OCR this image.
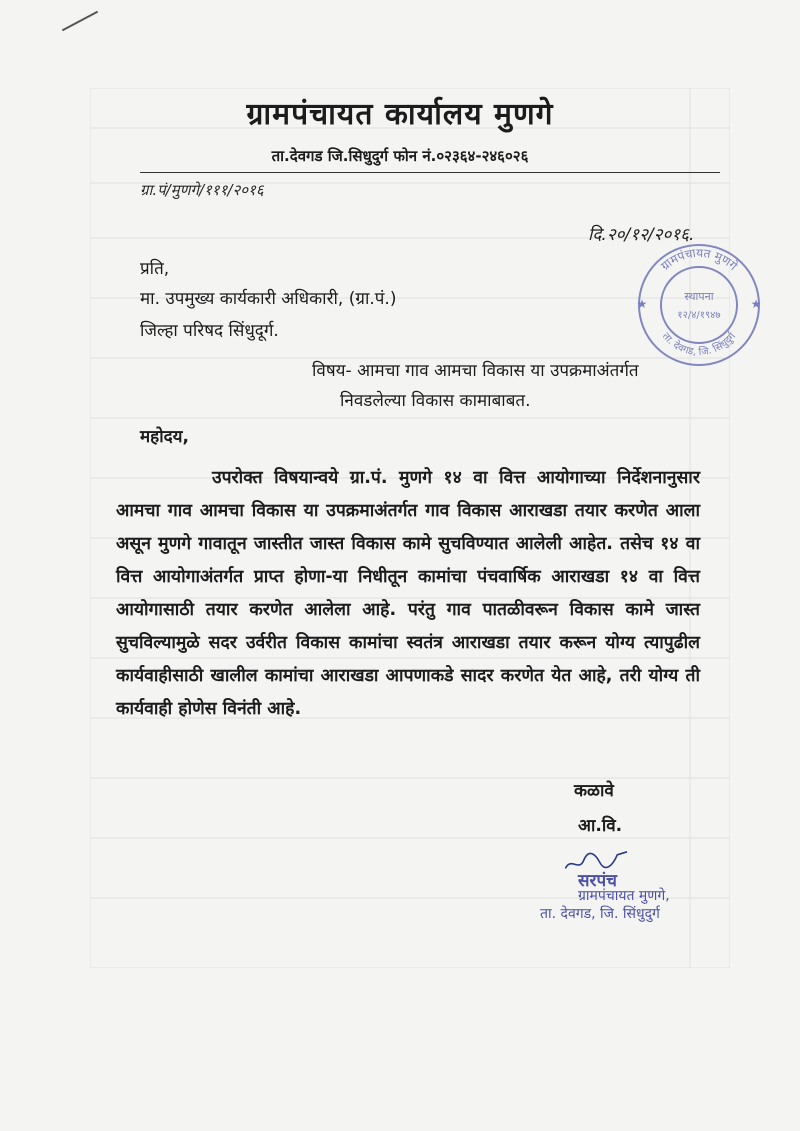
ग्रामपंचायत कार्यालय मुणगे
ता.देवगड जि.सिधुदुर्ग फोन नं.०२३६४-२४६०२६
ग्रा.पं/मुणगे/१११/२०१६
दि.२०/१२/२०१६.
प्रति,
मा. उपमुख्य कार्यकारी अधिकारी, (ग्रा.पं.)
जिल्हा परिषद सिंधुदूर्ग.
विषय- आमचा गाव आमचा विकास या उपक्रमाअंतर्गत
निवडलेल्या विकास कामाबाबत.
महोदय,
उपरोक्त विषयान्वये ग्रा.पं. मुणगे १४ वा वित्त आयोगाच्या निर्देशनानुसार आमचा गाव आमचा विकास या उपक्रमाअंतर्गत गाव विकास आराखडा तयार करणेत आला असून मुणगे गावातून जास्तीत जास्त विकास कामे सुचविण्यात आलेली आहेत. तसेच १४ वा वित्त आयोगाअंतर्गत प्राप्त होणा-या निधीतून कामांचा पंचवार्षिक आराखडा १४ वा वित्त आयोगासाठी तयार करणेत आलेला आहे. परंतु गाव पातळीवरून विकास कामे जास्त सुचविल्यामुळे सदर उर्वरीत विकास कामांचा स्वतंत्र आराखडा तयार करून योग्य त्यापुढील कार्यवाहीसाठी खालील कामांचा आराखडा आपणाकडे सादर करणेत येत आहे, तरी योग्य ती कार्यवाही होणेस विनंती आहे.
कळावे
आ.वि.
सरपंच
ग्रामपंचायत मुणगे,
ता. देवगड, जि. सिंधुदुर्ग
ग्रामपंचायत मुणगे
ता. देवगड, जि. सिंधुदुर्ग
स्थापना
१२/४/१९४७
★
★
